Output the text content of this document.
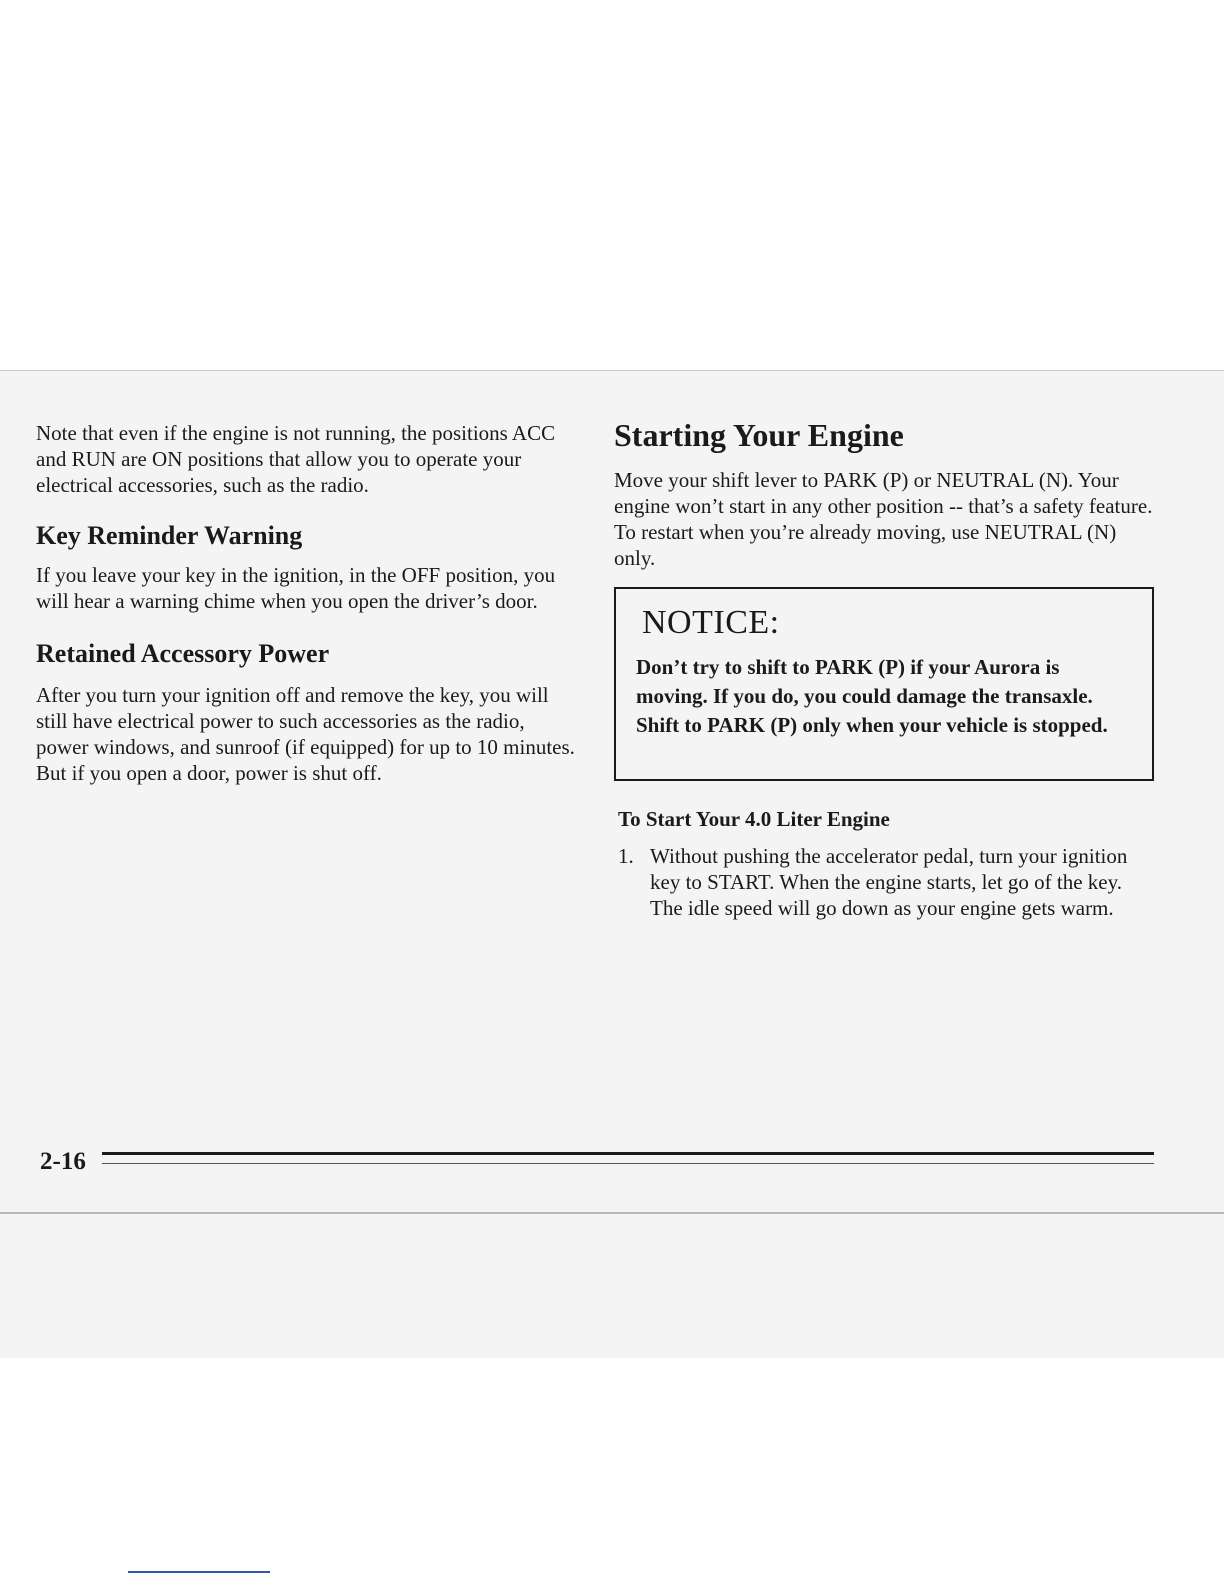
Note that even if the engine is not running, the positions ACC and RUN are ON positions that allow you to operate your electrical accessories, such as the radio.

Key Reminder Warning

If you leave your key in the ignition, in the OFF position, you will hear a warning chime when you open the driver’s door.

Retained Accessory Power

After you turn your ignition off and remove the key, you will still have electrical power to such accessories as the radio, power windows, and sunroof (if equipped) for up to 10 minutes. But if you open a door, power is shut off.

Starting Your Engine

Move your shift lever to PARK (P) or NEUTRAL (N). Your engine won’t start in any other position -- that’s a safety feature. To restart when you’re already moving, use NEUTRAL (N) only.

NOTICE:

Don’t try to shift to PARK (P) if your Aurora is moving. If you do, you could damage the transaxle. Shift to PARK (P) only when your vehicle is stopped.

To Start Your 4.0 Liter Engine
1. Without pushing the accelerator pedal, turn your ignition key to START. When the engine starts, let go of the key. The idle speed will go down as your engine gets warm.
2-16
